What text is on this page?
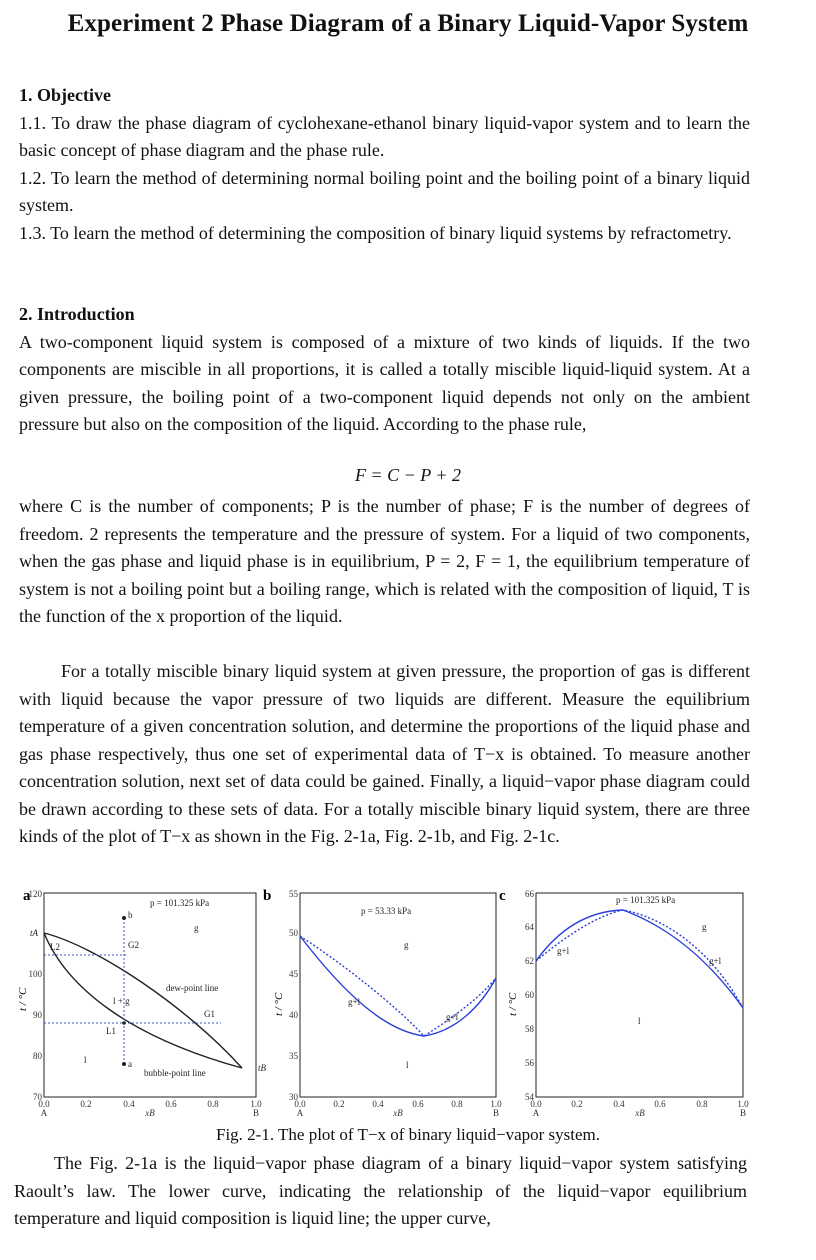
Experiment 2 Phase Diagram of a Binary Liquid-Vapor System
1. Objective
1.1. To draw the phase diagram of cyclohexane-ethanol binary liquid-vapor system and to learn the basic concept of phase diagram and the phase rule.
1.2. To learn the method of determining normal boiling point and the boiling point of a binary liquid system.
1.3. To learn the method of determining the composition of binary liquid systems by refractometry.
2. Introduction
A two-component liquid system is composed of a mixture of two kinds of liquids. If the two components are miscible in all proportions, it is called a totally miscible liquid-liquid system. At a given pressure, the boiling point of a two-component liquid depends not only on the ambient pressure but also on the composition of the liquid. According to the phase rule,
F = C − P + 2
where C is the number of components; P is the number of phase; F is the number of degrees of freedom. 2 represents the temperature and the pressure of system. For a liquid of two components, when the gas phase and liquid phase is in equilibrium, P = 2, F = 1, the equilibrium temperature of system is not a boiling point but a boiling range, which is related with the composition of liquid, T is the function of the x proportion of the liquid.
For a totally miscible binary liquid system at given pressure, the proportion of gas is different with liquid because the vapor pressure of two liquids are different. Measure the equilibrium temperature of a given concentration solution, and determine the proportions of the liquid phase and gas phase respectively, thus one set of experimental data of T−x is obtained. To measure another concentration solution, next set of data could be gained. Finally, a liquid−vapor phase diagram could be drawn according to these sets of data. For a totally miscible binary liquid system, there are three kinds of the plot of T−x as shown in the Fig. 2-1a, Fig. 2-1b, and Fig. 2-1c.
a
70
80
90
100
120
t / °C
0.0	0.2	0.4	0.6	0.8	1.0
A	B
xB
b
a
tA
tB
p = 101.325 kPa
g
l
l + g
dew-point line
bubble-point line
G2
G1
L2
L1
b
30
35
40
45
50
55
t / °C
0.0	0.2	0.4	0.6	0.8	1.0
A	B
xB
p = 53.33 kPa
g
l
g+l
g+l
c
54
56
58
60
62
64
66
t / °C
0.0	0.2	0.4	0.6	0.8	1.0
A	B
xB
p = 101.325 kPa
g
l
g+l
g+l
Fig. 2-1. The plot of T−x of binary liquid−vapor system.
The Fig. 2-1a is the liquid−vapor phase diagram of a binary liquid−vapor system satisfying Raoult’s law. The lower curve, indicating the relationship of the liquid−vapor equilibrium temperature and liquid composition is liquid line; the upper curve,
